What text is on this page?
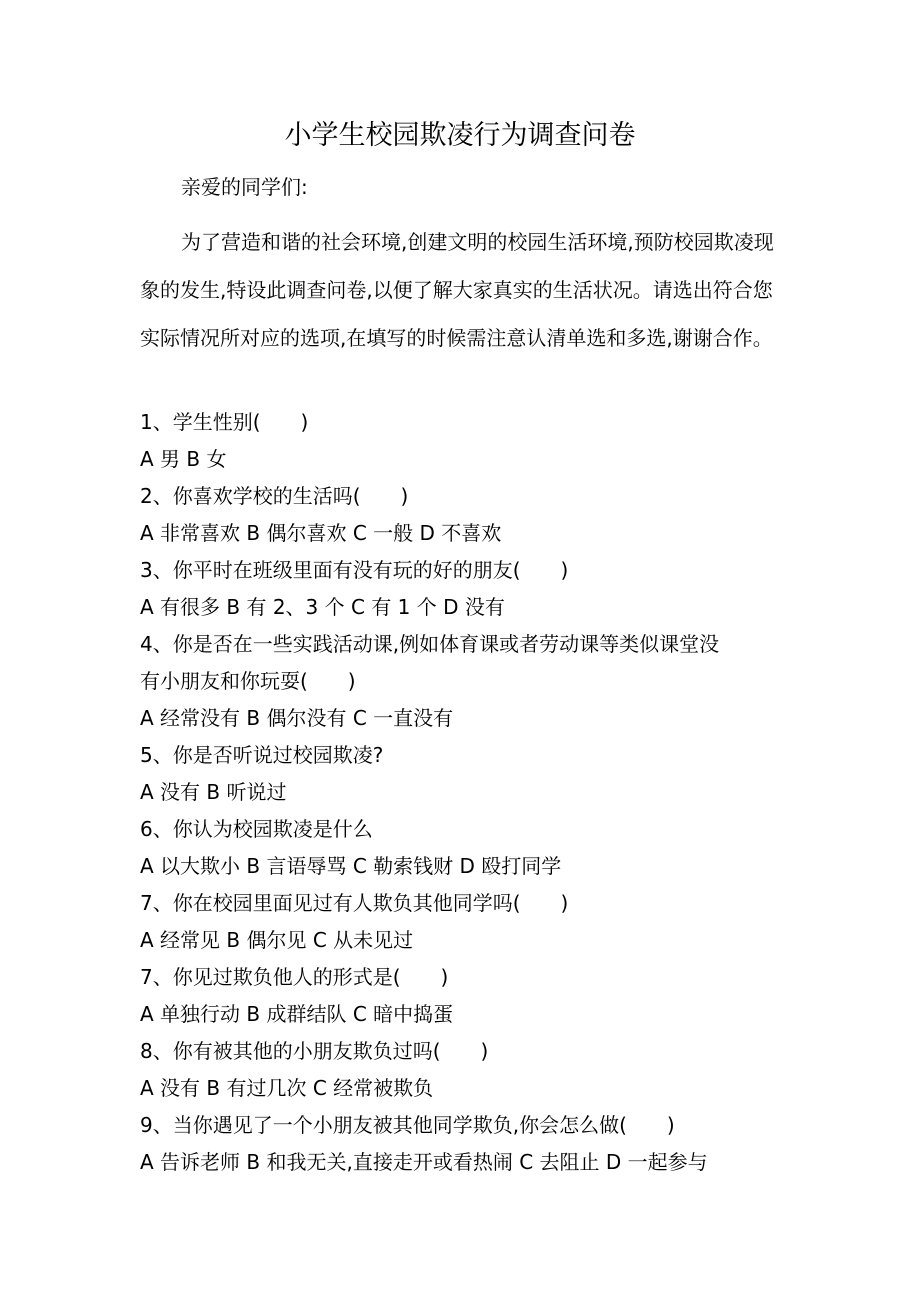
小学生校园欺凌行为调查问卷
亲爱的同学们:
为了营造和谐的社会环境,创建文明的校园生活环境,预防校园欺凌现象的发生,特设此调查问卷,以便了解大家真实的生活状况。请选出符合您实际情况所对应的选项,在填写的时候需注意认清单选和多选,谢谢合作。
1、学生性别(　　)
A 男 B 女
2、你喜欢学校的生活吗(　　)
A 非常喜欢 B 偶尔喜欢 C 一般 D 不喜欢
3、你平时在班级里面有没有玩的好的朋友(　　)
A 有很多 B 有 2、3 个 C 有 1 个 D 没有
4、你是否在一些实践活动课,例如体育课或者劳动课等类似课堂没
有小朋友和你玩耍(　　)
A 经常没有 B 偶尔没有 C 一直没有
5、你是否听说过校园欺凌?
A 没有 B 听说过
6、你认为校园欺凌是什么
A 以大欺小 B 言语辱骂 C 勒索钱财 D 殴打同学
7、你在校园里面见过有人欺负其他同学吗(　　)
A 经常见 B 偶尔见 C 从未见过
7、你见过欺负他人的形式是(　　)
A 单独行动 B 成群结队 C 暗中捣蛋
8、你有被其他的小朋友欺负过吗(　　)
A 没有 B 有过几次 C 经常被欺负
9、当你遇见了一个小朋友被其他同学欺负,你会怎么做(　　)
A 告诉老师 B 和我无关,直接走开或看热闹 C 去阻止 D 一起参与
